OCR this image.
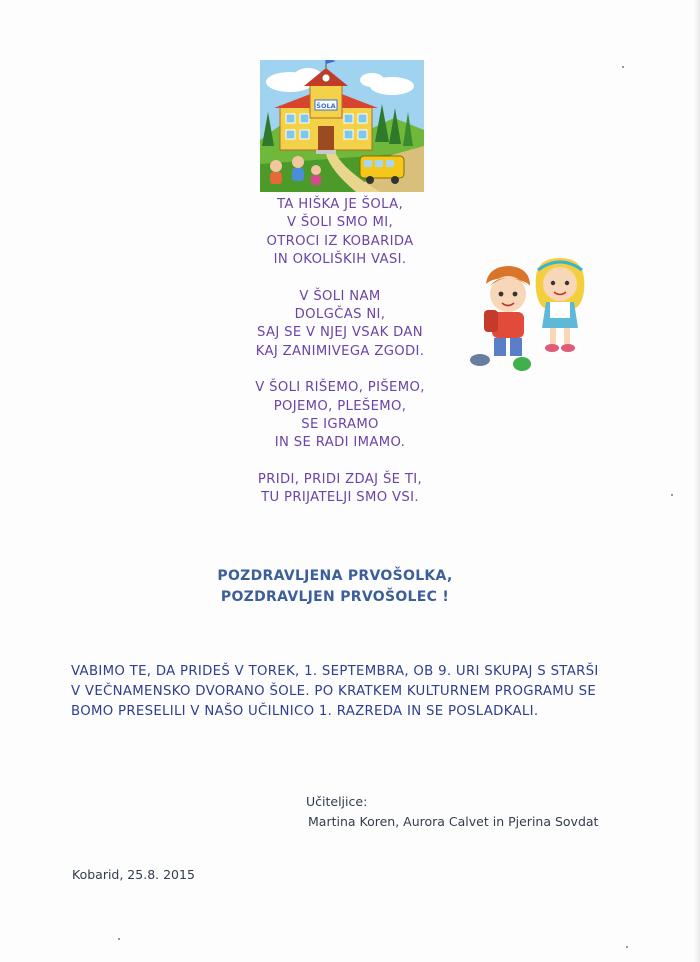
ŠOLA
TA HIŠKA JE ŠOLA,
V ŠOLI SMO MI,
OTROCI IZ KOBARIDA
IN OKOLIŠKIH VASI.
V ŠOLI NAM
DOLGČAS NI,
SAJ SE V NJEJ VSAK DAN
KAJ ZANIMIVEGA ZGODI.
V ŠOLI RIŠEMO, PIŠEMO,
POJEMO, PLEŠEMO,
SE IGRAMO
IN SE RADI IMAMO.
PRIDI, PRIDI ZDAJ ŠE TI,
TU PRIJATELJI SMO VSI.
POZDRAVLJENA PRVOŠOLKA,
POZDRAVLJEN PRVOŠOLEC !
VABIMO TE, DA PRIDEŠ V TOREK, 1. SEPTEMBRA, OB 9. URI SKUPAJ S STARŠI
V VEČNAMENSKO DVORANO ŠOLE. PO KRATKEM KULTURNEM PROGRAMU SE
BOMO PRESELILI V NAŠO UČILNICO 1. RAZREDA IN SE POSLADKALI.
Učiteljice:
Martina Koren, Aurora Calvet in Pjerina Sovdat
Kobarid, 25.8. 2015
